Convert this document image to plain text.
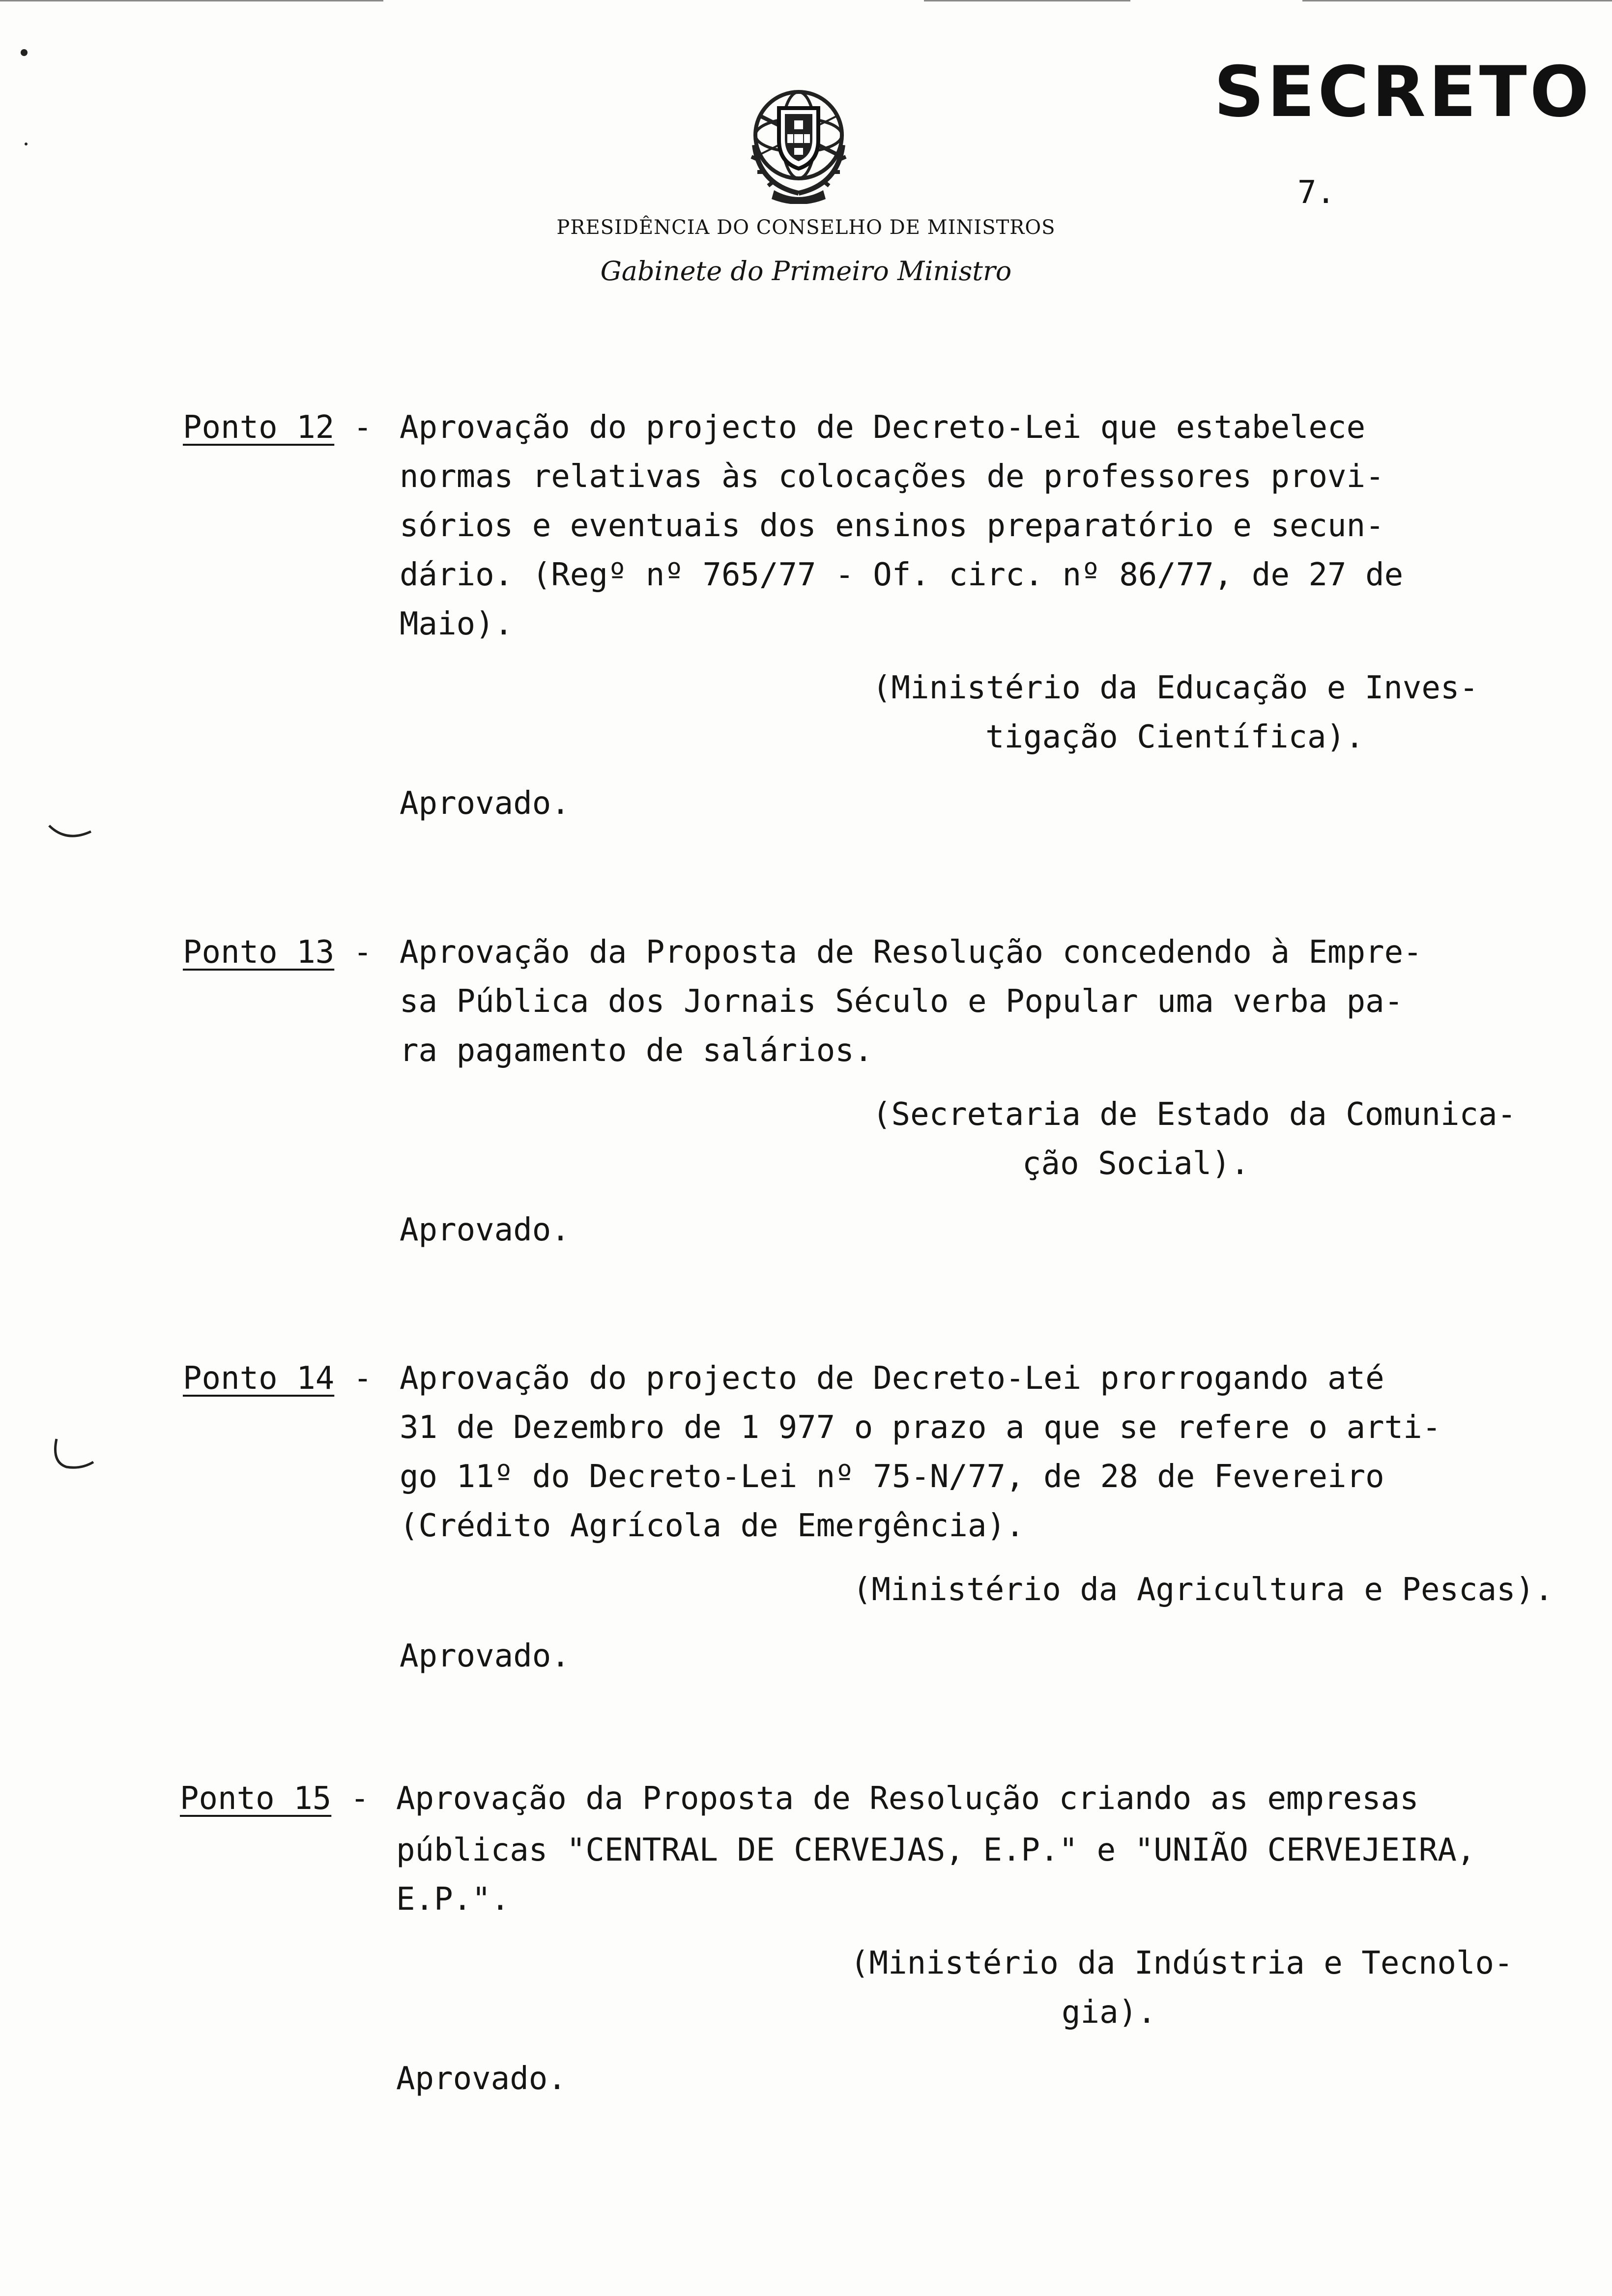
SECRETO
7.
PRESIDÊNCIA DO CONSELHO DE MINISTROS
Gabinete do Primeiro Ministro
Ponto 12 - Aprovação do projecto de Decreto-Lei que estabelece
normas relativas às colocações de professores provi-
sórios e eventuais dos ensinos preparatório e secun-
dário. (Regº nº 765/77 - Of. circ. nº 86/77, de 27 de
Maio).
(Ministério da Educação e Inves-
tigação Científica).
Aprovado.
Ponto 13 - Aprovação da Proposta de Resolução concedendo à Empre-
sa Pública dos Jornais Século e Popular uma verba pa-
ra pagamento de salários.
(Secretaria de Estado da Comunica-
ção Social).
Aprovado.
Ponto 14 - Aprovação do projecto de Decreto-Lei prorrogando até
31 de Dezembro de 1 977 o prazo a que se refere o arti-
go 11º do Decreto-Lei nº 75-N/77, de 28 de Fevereiro
(Crédito Agrícola de Emergência).
(Ministério da Agricultura e Pescas).
Aprovado.
Ponto 15 - Aprovação da Proposta de Resolução criando as empresas
públicas "CENTRAL DE CERVEJAS, E.P." e "UNIÃO CERVEJEIRA,
E.P.".
(Ministério da Indústria e Tecnolo-
gia).
Aprovado.
